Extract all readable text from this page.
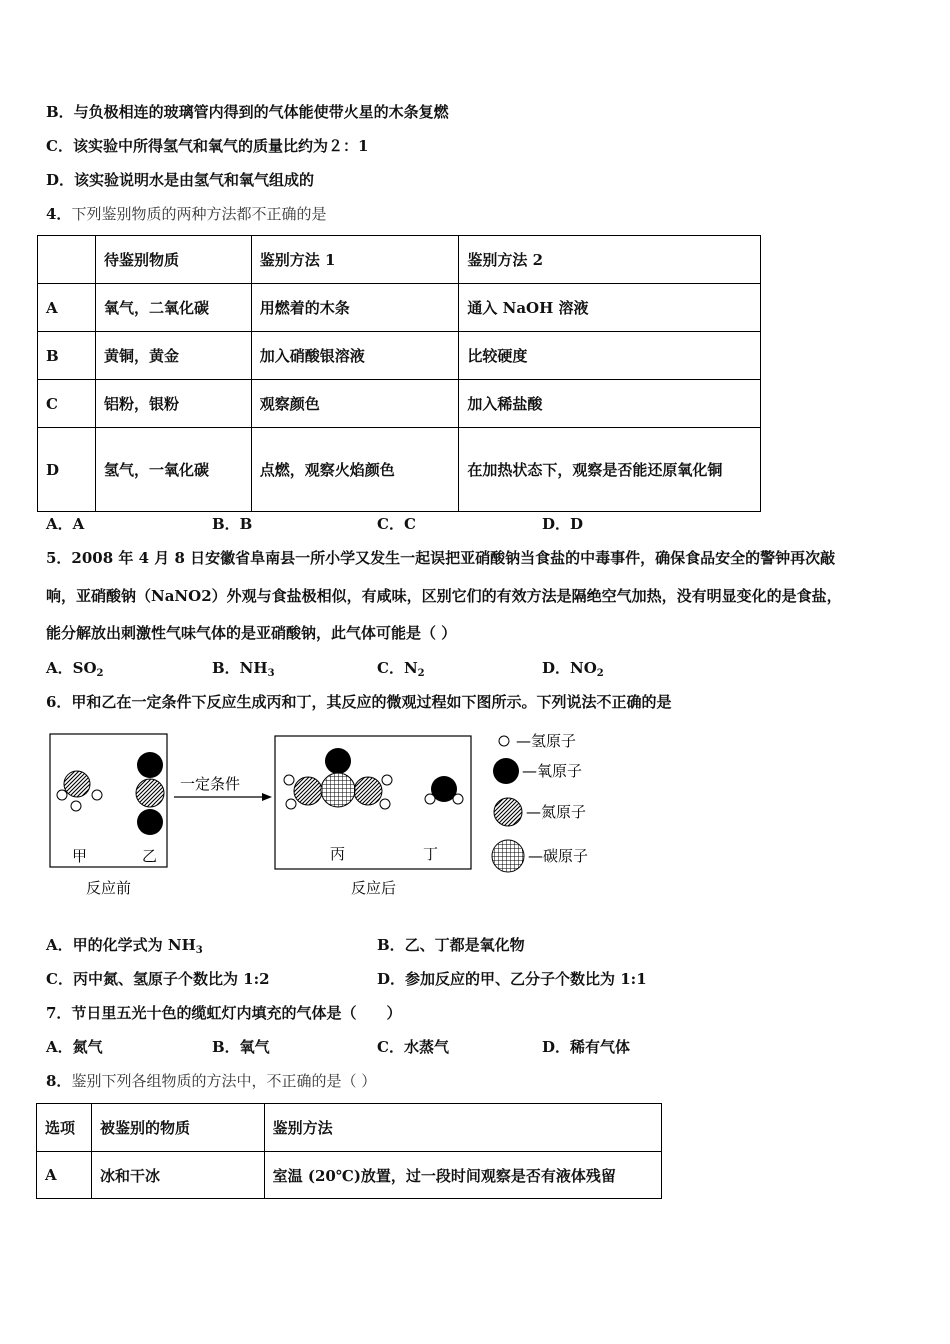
B．与负极相连的玻璃管内得到的气体能使带火星的木条复燃
C．该实验中所得氢气和氧气的质量比约为２：1
D．该实验说明水是由氢气和氧气组成的
4．下列鉴别物质的两种方法都不正确的是
	待鉴别物质	鉴别方法 1	鉴别方法 2
A	氧气，二氧化碳	用燃着的木条	通入 NaOH 溶液
B	黄铜，黄金	加入硝酸银溶液	比较硬度
C	铝粉，银粉	观察颜色	加入稀盐酸
D	氢气，一氧化碳	点燃，观察火焰颜色	在加热状态下，观察是否能还原氧化铜
A．A	B．B	C．C	D．D
5．2008 年 4 月 8 日安徽省阜南县一所小学又发生一起误把亚硝酸钠当食盐的中毒事件，确保食品安全的警钟再次敲
响，亚硝酸钠（NaNO2）外观与食盐极相似，有咸味，区别它们的有效方法是隔绝空气加热，没有明显变化的是食盐，
能分解放出刺激性气味气体的是亚硝酸钠，此气体可能是（ ）
A．$SO_2$	B．$NH_3$	C．$N_2$	D．$NO_2$
6．甲和乙在一定条件下反应生成丙和丁，其反应的微观过程如下图所示。下列说法不正确的是
甲	乙
反应前
一定条件
丙	丁
反应后
—氢原子
—氧原子
—氮原子
—碳原子
A．甲的化学式为 $NH_3$	B．乙、丁都是氧化物
C．丙中氮、氢原子个数比为 1:2	D．参加反应的甲、乙分子个数比为 1:1
7．节日里五光十色的缆虹灯内填充的气体是（　　）
A．氮气	B．氧气	C．水蒸气	D．稀有气体
8．鉴别下列各组物质的方法中，不正确的是（ ）
选项	被鉴别的物质	鉴别方法
A	冰和干冰	室温 (20℃)放置，过一段时间观察是否有液体残留
